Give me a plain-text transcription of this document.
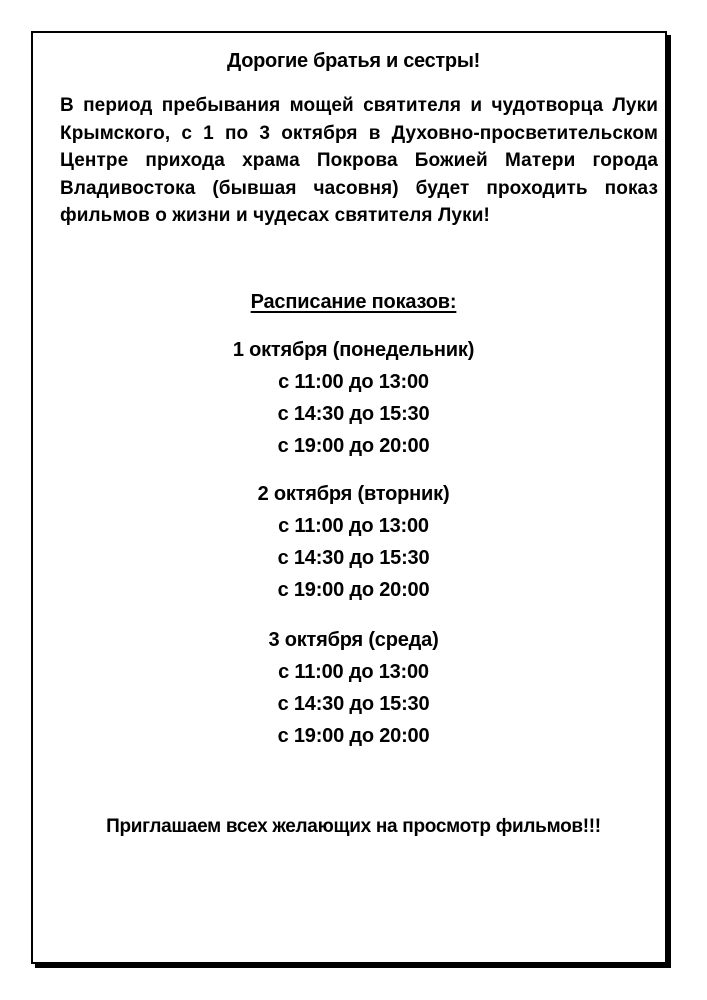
Дорогие братья и сестры!
В период пребывания мощей святителя и чудотворца Луки Крымского, с 1 по 3 октября в Духовно-просветительском Центре прихода храма Покрова Божией Матери города Владивостока (бывшая часовня) будет проходить показ фильмов о жизни и чудесах святителя Луки!
Расписание показов:
1 октября (понедельник)
с 11:00 до 13:00
с 14:30 до 15:30
с 19:00 до 20:00
2 октября (вторник)
с 11:00 до 13:00
с 14:30 до 15:30
с 19:00 до 20:00
3 октября (среда)
с 11:00 до 13:00
с 14:30 до 15:30
с 19:00 до 20:00
Приглашаем всех желающих на просмотр фильмов!!!
